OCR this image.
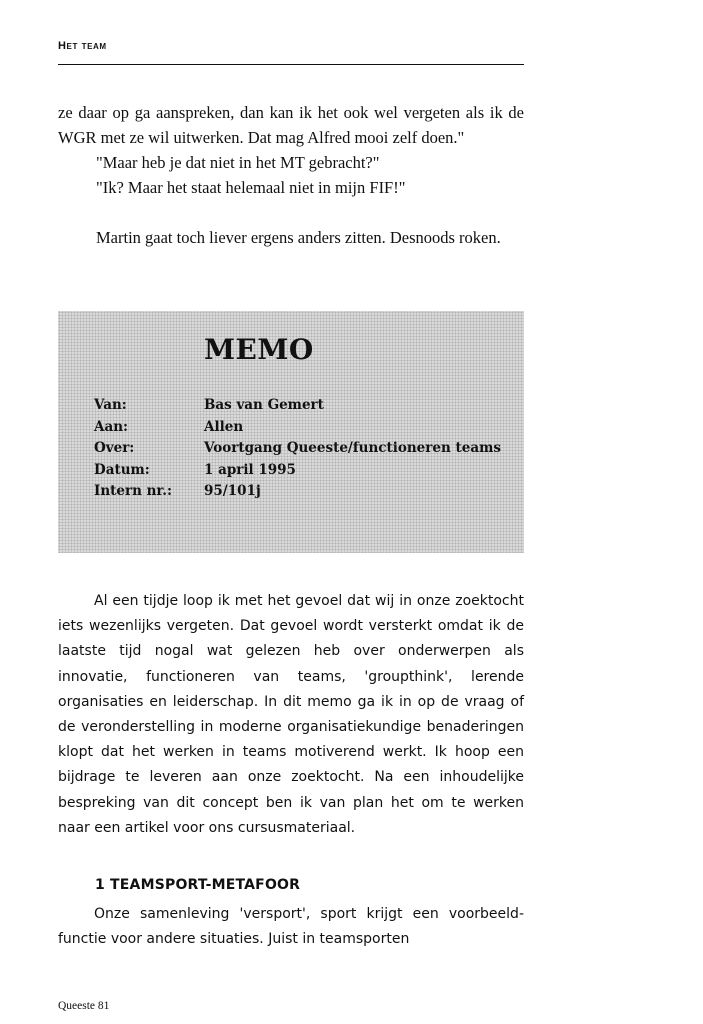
Het team

ze daar op ga aanspreken, dan kan ik het ook wel vergeten als ik de WGR met ze wil uitwerken. Dat mag Alfred mooi zelf doen."

"Maar heb je dat niet in het MT gebracht?"

"Ik? Maar het staat helemaal niet in mijn FIF!"

Martin gaat toch liever ergens anders zitten. Desnoods roken.

MEMO
Van:	Bas van Gemert
Aan:	Allen
Over:	Voortgang Queeste/functioneren teams
Datum:	1 april 1995
Intern nr.:	95/101j

Al een tijdje loop ik met het gevoel dat wij in onze zoektocht iets wezenlijks vergeten. Dat gevoel wordt versterkt omdat ik de laatste tijd nogal wat gelezen heb over onderwerpen als innovatie, functioneren van teams, 'groupthink', lerende organisaties en leiderschap. In dit memo ga ik in op de vraag of de veronderstelling in moderne organisatiekundige benaderingen klopt dat het werken in teams motiverend werkt. Ik hoop een bijdrage te leveren aan onze zoektocht. Na een inhoudelijke bespreking van dit concept ben ik van plan het om te werken naar een artikel voor ons cursusmateriaal.

1 TEAMSPORT-METAFOOR

Onze samenleving 'versport', sport krijgt een voorbeeld-functie voor andere situaties. Juist in teamsporten

Queeste 81
